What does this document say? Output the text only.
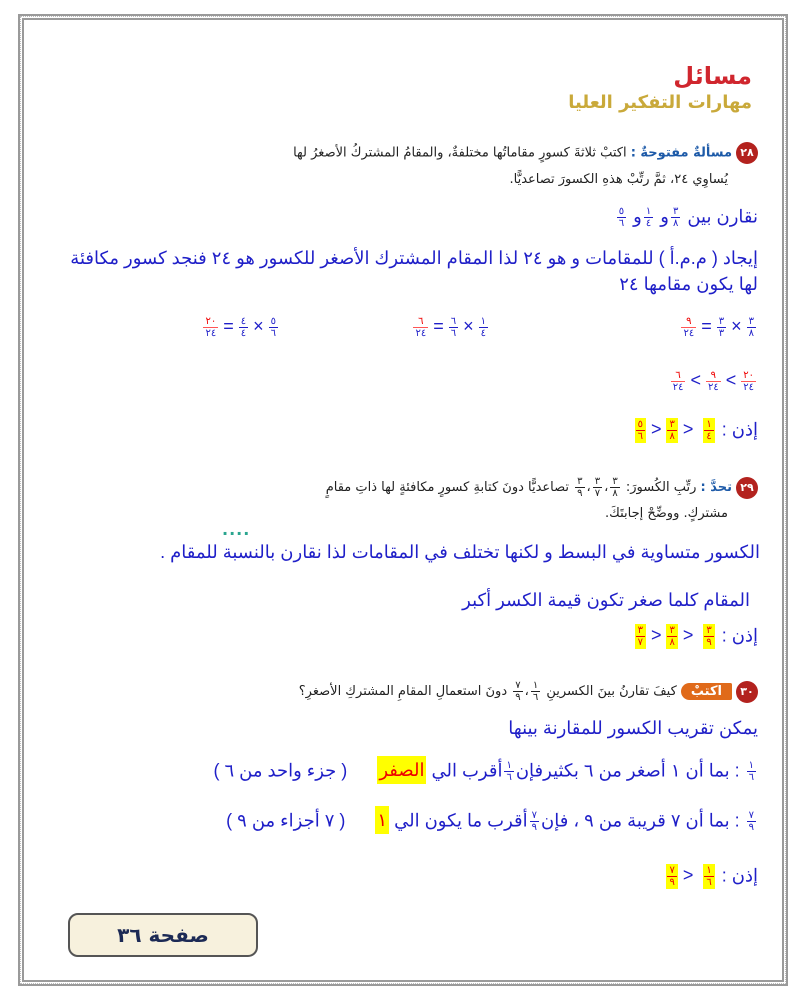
مسائل
مهارات التفكير العليا
٢٨مسألةٌ مفتوحةٌ : اكتبْ ثلاثةَ كسورٍ مقاماتُها مختلفةٌ، والمقامُ المشتركُ الأصغرُ لها
يُساوِي ٢٤، ثمَّ رتِّبْ هذهِ الكسورَ تصاعديًّا.
نقارن بين
$\frac{٣}{٨}$
و
$\frac{١}{٤}$
و
$\frac{٥}{٦}$
إيجاد ( م.م.أ ) للمقامات و هو ٢٤ لذا المقام المشترك الأصغر للكسور هو ٢٤ فنجد كسور مكافئة
لها يكون مقامها ٢٤
$\frac{٣}{٨}$
×
$\frac{٣}{٣}$
=
$\frac{٩}{٢٤}$
$\frac{١}{٤}$
×
$\frac{٦}{٦}$
=
$\frac{٦}{٢٤}$
$\frac{٥}{٦}$
×
$\frac{٤}{٤}$
=
$\frac{٢٠}{٢٤}$
$\frac{٢٠}{٢٤}$
>
$\frac{٩}{٢٤}$
>
$\frac{٦}{٢٤}$
إذن :
$\frac{٥}{٦} > \frac{٣}{٨} > \frac{١}{٤}$
٢٩تحدَّ : رتِّبِ الكُسورَ:
$\frac{٣}{٨}$
،
$\frac{٣}{٧}$
،
$\frac{٣}{٩}$
تصاعديًّا دونَ كتابةِ كسورٍ مكافئةٍ لها ذاتِ مقامٍ
مشتركٍ. ووضِّحْ إجابتَكَ.
....
الكسور متساوية في البسط و لكنها تختلف في المقامات لذا نقارن بالنسبة للمقام .
المقام كلما صغر تكون قيمة الكسر أكبر
إذن :
$\frac{٣}{٧} > \frac{٣}{٨} > \frac{٣}{٩}$
٣٠اكتبْ كيفَ تقارنُ بينَ الكسرينِ
$\frac{١}{٦}$
،
$\frac{٧}{٩}$
دونَ استعمالِ المقامِ المشتركِ الأصغرِ؟
يمكن تقريب الكسور للمقارنة بينها
$\frac{١}{٦}$
: بما أن ١ أصغر من ٦ بكثيرفإن
$\frac{١}{٦}$
أقرب الي الصفر      ( جزء واحد من ٦ )
$\frac{٧}{٩}$
: بما أن ٧ قريبة من ٩ ، فإن
$\frac{٧}{٩}$
أقرب ما يكون الي ١      ( ٧ أجزاء من ٩ )
إذن :
$\frac{٧}{٩} > \frac{١}{٦}$
صفحة ٣٦
